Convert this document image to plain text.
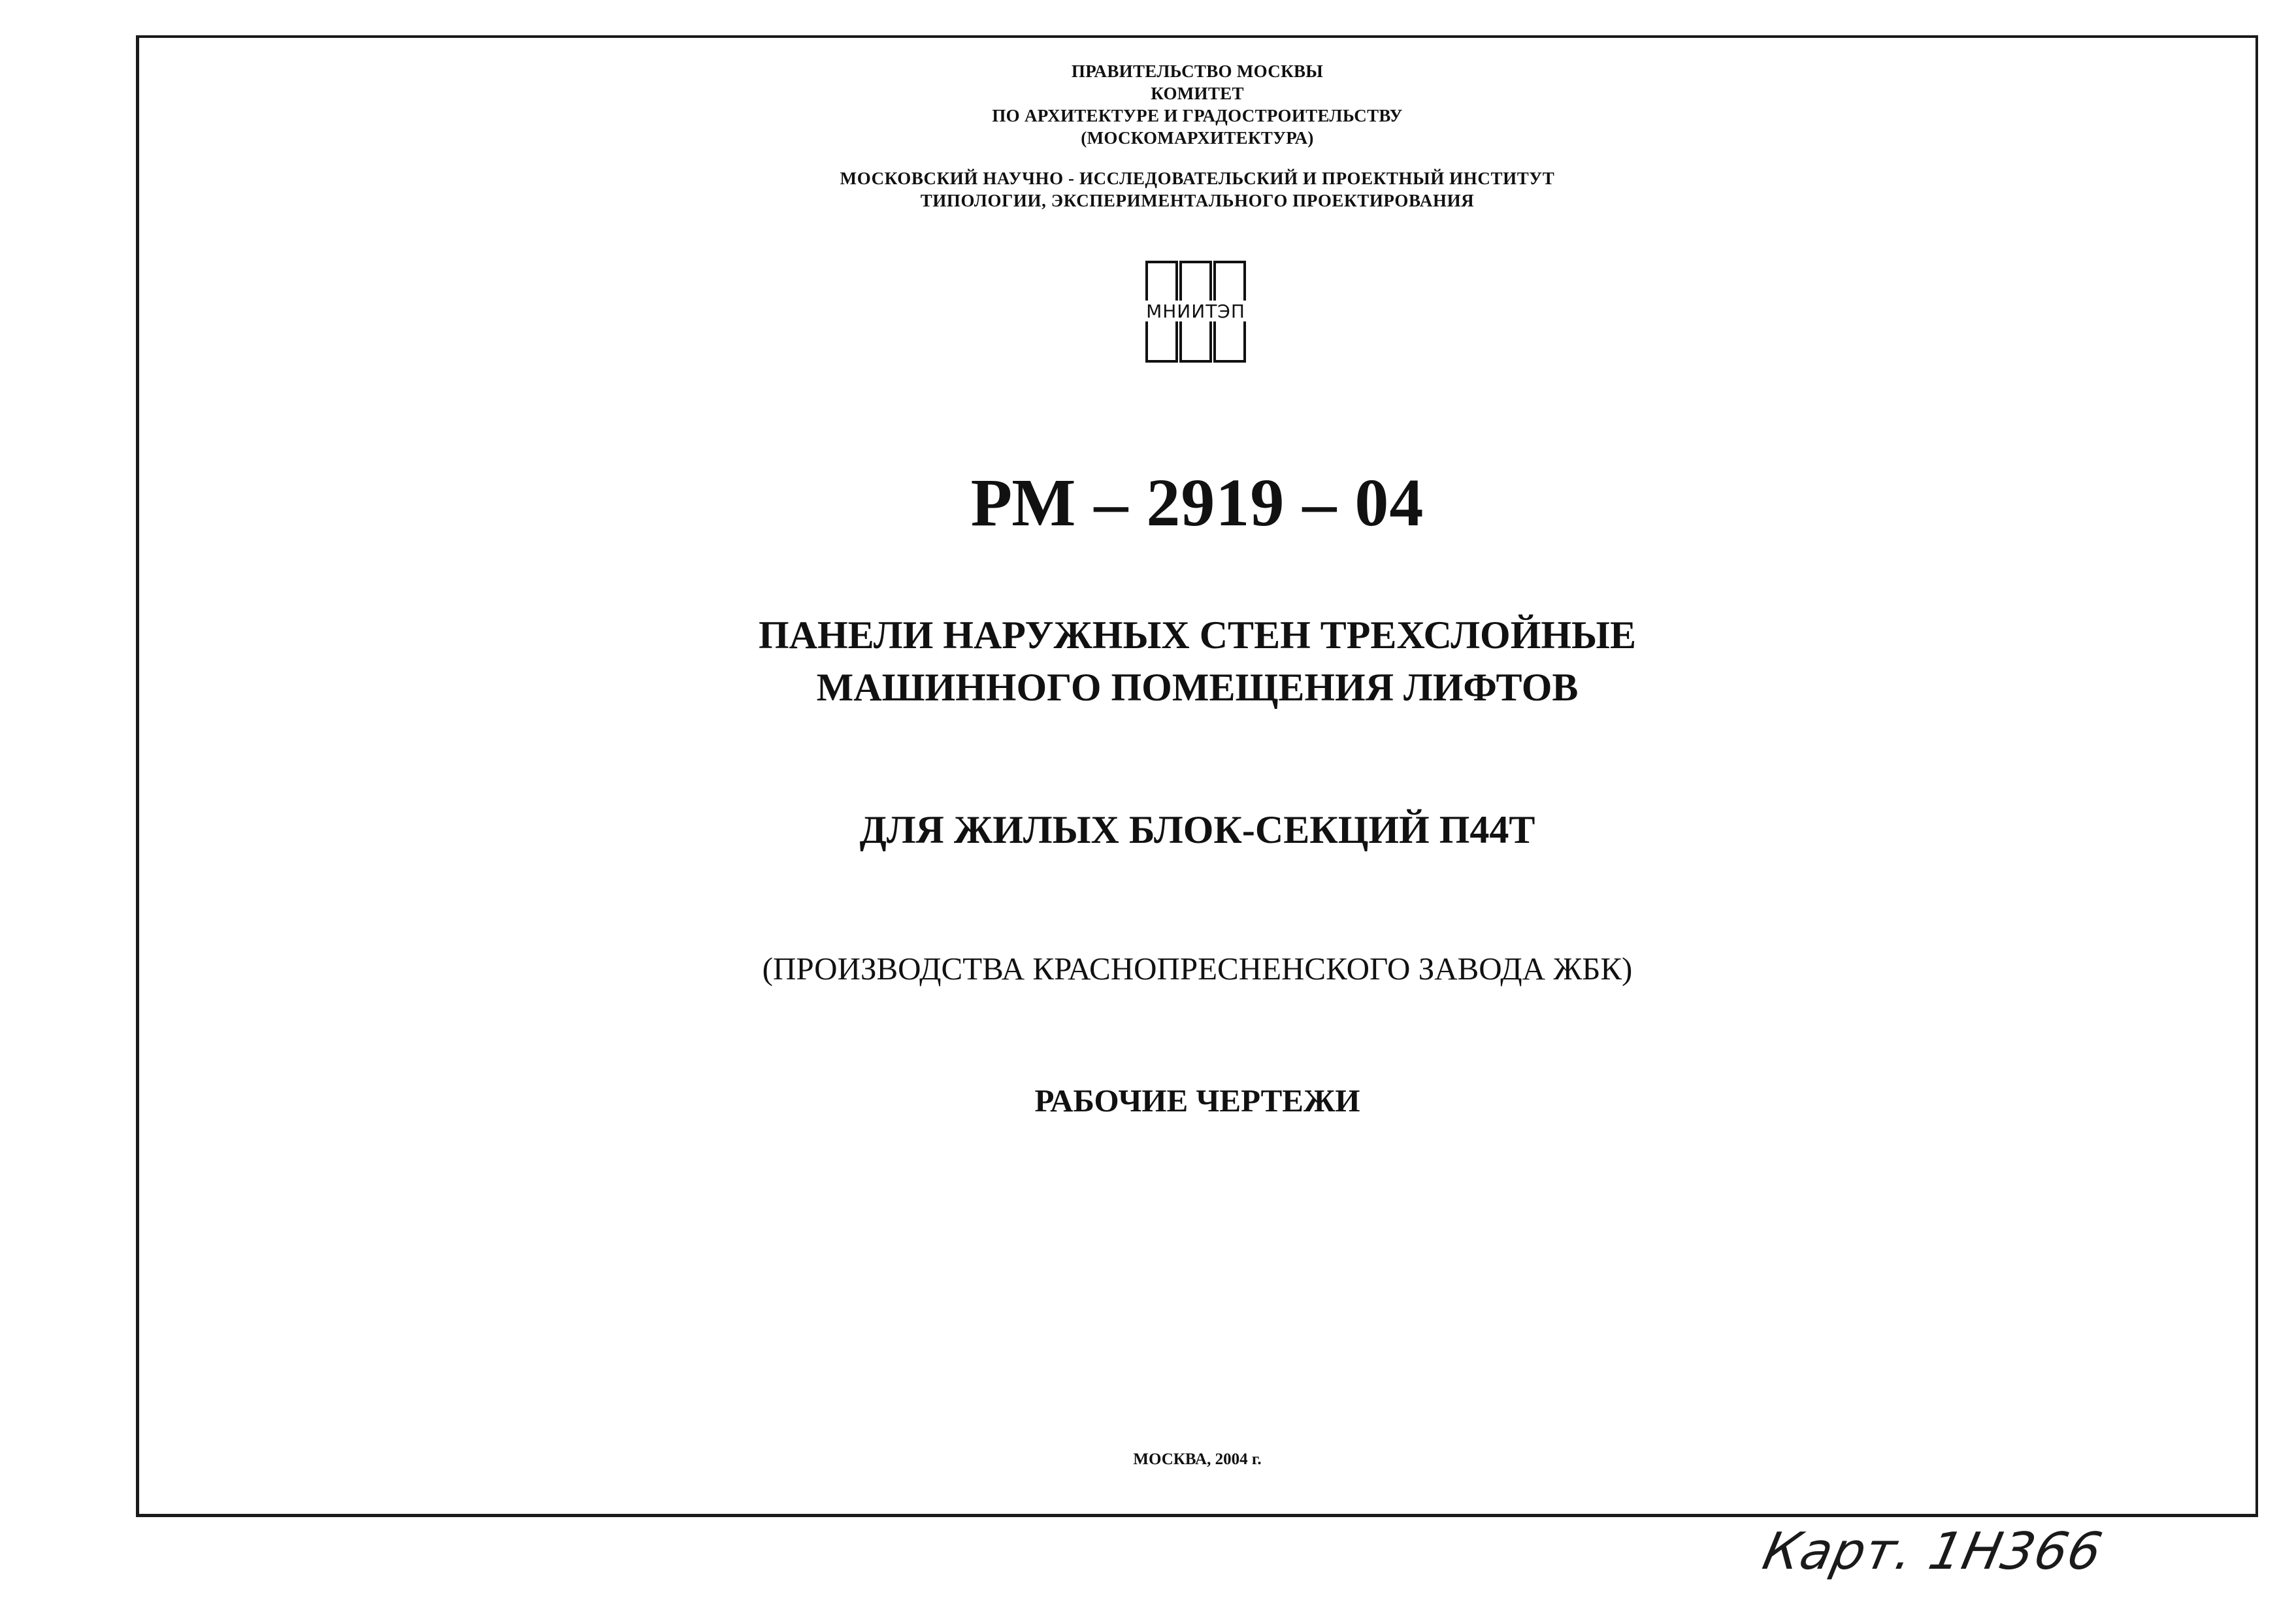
ПРАВИТЕЛЬСТВО МОСКВЫ
КОМИТЕТ
ПО АРХИТЕКТУРЕ И ГРАДОСТРОИТЕЛЬСТВУ
(МОСКОМАРХИТЕКТУРА)
МОСКОВСКИЙ НАУЧНО - ИССЛЕДОВАТЕЛЬСКИЙ И ПРОЕКТНЫЙ ИНСТИТУТ
ТИПОЛОГИИ, ЭКСПЕРИМЕНТАЛЬНОГО ПРОЕКТИРОВАНИЯ
РМ – 2919 – 04
ПАНЕЛИ НАРУЖНЫХ СТЕН ТРЕХСЛОЙНЫЕ
МАШИННОГО ПОМЕЩЕНИЯ ЛИФТОВ
ДЛЯ ЖИЛЫХ БЛОК-СЕКЦИЙ П44Т
(ПРОИЗВОДСТВА КРАСНОПРЕСНЕНСКОГО ЗАВОДА ЖБК)
РАБОЧИЕ ЧЕРТЕЖИ
МОСКВА, 2004 г.
МНИИТЭП
Карт. 1Н366
